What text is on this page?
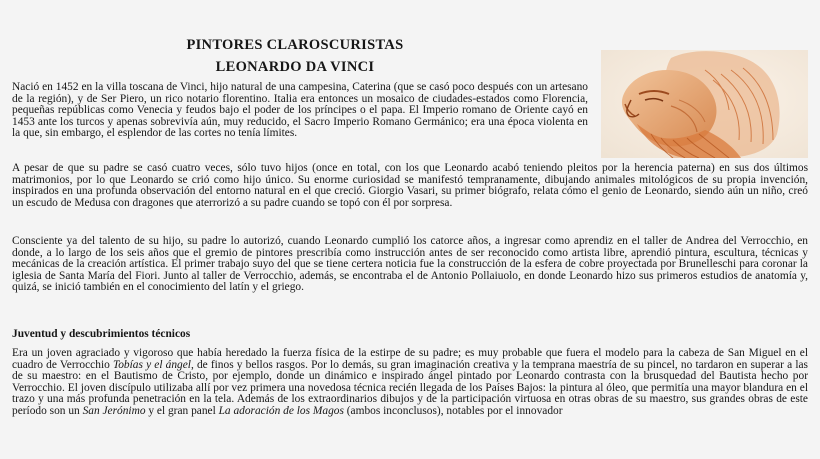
PINTORES CLAROSCURISTAS
LEONARDO DA VINCI

Nació en 1452 en la villa toscana de Vinci, hijo natural de una campesina, Caterina (que se casó poco después con un artesano de la región), y de Ser Piero, un rico notario florentino. Italia era entonces un mosaico de ciudades-estados como Florencia, pequeñas repúblicas como Venecia y feudos bajo el poder de los príncipes o el papa. El Imperio romano de Oriente cayó en 1453 ante los turcos y apenas sobrevivía aún, muy reducido, el Sacro Imperio Romano Germánico; era una época violenta en la que, sin embargo, el esplendor de las cortes no tenía límites.

A pesar de que su padre se casó cuatro veces, sólo tuvo hijos (once en total, con los que Leonardo acabó teniendo pleitos por la herencia paterna) en sus dos últimos matrimonios, por lo que Leonardo se crió como hijo único. Su enorme curiosidad se manifestó tempranamente, dibujando animales mitológicos de su propia invención, inspirados en una profunda observación del entorno natural en el que creció. Giorgio Vasari, su primer biógrafo, relata cómo el genio de Leonardo, siendo aún un niño, creó un escudo de Medusa con dragones que aterrorizó a su padre cuando se topó con él por sorpresa.

Consciente ya del talento de su hijo, su padre lo autorizó, cuando Leonardo cumplió los catorce años, a ingresar como aprendiz en el taller de Andrea del Verrocchio, en donde, a lo largo de los seis años que el gremio de pintores prescribía como instrucción antes de ser reconocido como artista libre, aprendió pintura, escultura, técnicas y mecánicas de la creación artística. El primer trabajo suyo del que se tiene certera noticia fue la construcción de la esfera de cobre proyectada por Brunelleschi para coronar la iglesia de Santa María del Fiori. Junto al taller de Verrocchio, además, se encontraba el de Antonio Pollaiuolo, en donde Leonardo hizo sus primeros estudios de anatomía y, quizá, se inició también en el conocimiento del latín y el griego.

Juventud y descubrimientos técnicos

Era un joven agraciado y vigoroso que había heredado la fuerza física de la estirpe de su padre; es muy probable que fuera el modelo para la cabeza de San Miguel en el cuadro de Verrocchio Tobías y el ángel, de finos y bellos rasgos. Por lo demás, su gran imaginación creativa y la temprana maestría de su pincel, no tardaron en superar a las de su maestro: en el Bautismo de Cristo, por ejemplo, donde un dinámico e inspirado ángel pintado por Leonardo contrasta con la brusquedad del Bautista hecho por Verrocchio. El joven discípulo utilizaba allí por vez primera una novedosa técnica recién llegada de los Países Bajos: la pintura al óleo, que permitía una mayor blandura en el trazo y una más profunda penetración en la tela. Además de los extraordinarios dibujos y de la participación virtuosa en otras obras de su maestro, sus grandes obras de este período son un San Jerónimo y el gran panel La adoración de los Magos (ambos inconclusos), notables por el innovador
